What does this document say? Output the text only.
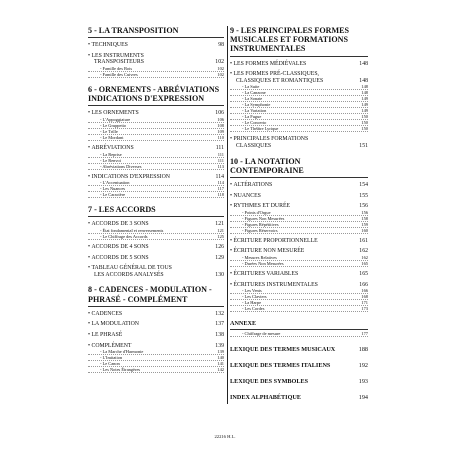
5 - LA TRANSPOSITION
• TECHNIQUES	98
• LES INSTRUMENTS
TRANSPOSITEURS	102
- Famille des Bois	102
- Famille des Cuivres	102
6 - ORNEMENTS - ABRÉVIATIONS INDICATIONS D'EXPRESSION
• LES ORNEMENTS	106
- L'Appoggiature	106
- Le Gruppetto	108
- Le Trille	109
- Le Mordant	110
• ABRÉVIATIONS	111
- La Reprise	111
- Le Renvoi	111
- Abréviations Diverses	113
• INDICATIONS D'EXPRESSION	114
- L'Accentuation	114
- Les Nuances	117
- Le Caractère	118
7 - LES ACCORDS
• ACCORDS DE 3 SONS	121
- État fondamental et renversements	121
- Le Chiffrage des Accords	125
• ACCORDS DE 4 SONS	126
• ACCORDS DE 5 SONS	129
• TABLEAU GÉNÉRAL DE TOUS
LES ACCORDS ANALYSÉS	130
8 - CADENCES - MODULATION - PHRASÉ - COMPLÉMENT
• CADENCES	132
• LA MODULATION	137
• LE PHRASÉ	138
• COMPLÉMENT	139
- La Marche d'Harmonie	139
- L'Imitation	140
- Le Canon	141
- Les Notes Étrangères	142
9 - LES PRINCIPALES FORMES MUSICALES ET FORMATIONS INSTRUMENTALES
• LES FORMES MÉDIÉVALES	148
• LES FORMES PRÉ-CLASSIQUES,
CLASSIQUES ET ROMANTIQUES	148
- La Suite	148
- La Canzone	148
- La Sonate	149
- La Symphonie	149
- La Variation	149
- La Fugue	150
- Le Concerto	150
- Le Théâtre Lyrique	150
• PRINCIPALES FORMATIONS
CLASSIQUES	151
10 - LA NOTATION CONTEMPORAINE
• ALTÉRATIONS	154
• NUANCES	155
• RYTHMES ET DURÉE	156
- Points d'Orgue	156
- Figures Non Mesurées	158
- Figures Répétitives	159
- Figures Réservoirs	160
• ÉCRITURE PROPORTIONNELLE	161
• ÉCRITURE NON MESURÉE	162
- Mesures Relatives	162
- Durées Non Mesurées	165
• ÉCRITURES VARIABLES	165
• ÉCRITURES INSTRUMENTALES	166
- Les Vents	166
- Les Claviers	168
- La Harpe	171
- Les Cordes	173
ANNEXE
- Chiffrage de mesure	177
LEXIQUE DES TERMES MUSICAUX	188
LEXIQUE DES TERMES ITALIENS	192
LEXIQUE DES SYMBOLES	193
INDEX ALPHABÉTIQUE	194
22216 H.L.
